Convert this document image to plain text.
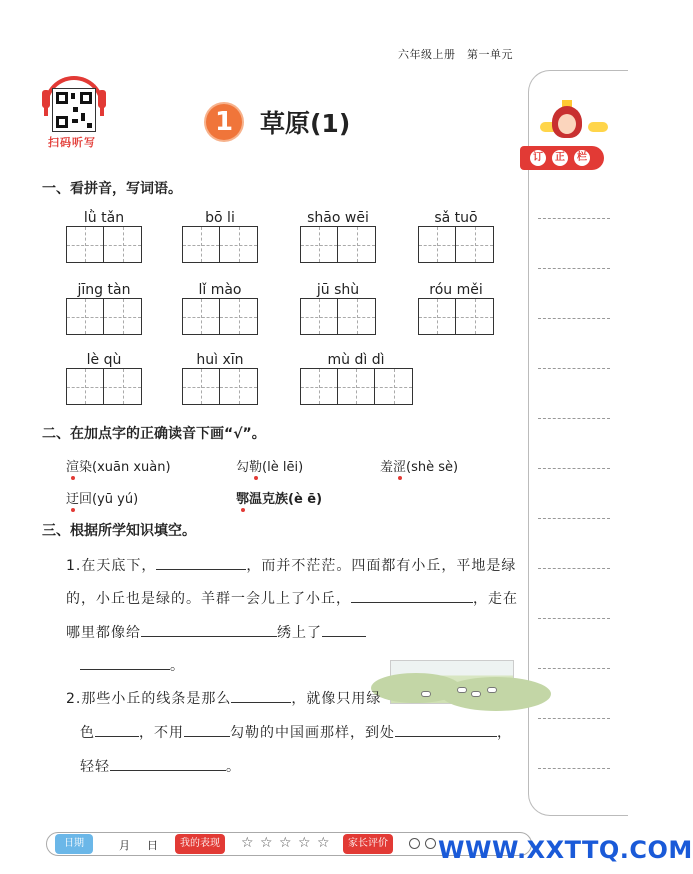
六年级上册　第一单元
扫码听写
1	草原(1)
订	正	栏
一、看拼音，写词语。
lǜ tǎn	bō li	shāo wēi	sǎ tuō
jīng tàn	lǐ mào	jū shù	róu měi
lè qù	huì xīn	mù dì dì
二、在加点字的正确读音下画“√”。
渲染(xuān xuàn)	勾勒(lè lēi)	羞涩(shè sè)
迂回(yū yú)	鄂温克族(è ē)
三、根据所学知识填空。
1.在天底下，	，而并不茫茫。四面都有小丘，平地是绿
的，小丘也是绿的。羊群一会儿上了小丘，	，走在
哪里都像给	绣上了
。
2.那些小丘的线条是那么	，就像只用绿
色	，不用	勾勒的中国画那样，到处	，
轻轻	。
日期	月 日	我的表现	☆ ☆ ☆ ☆ ☆	家长评价 WWW.XXTTQ.COM
